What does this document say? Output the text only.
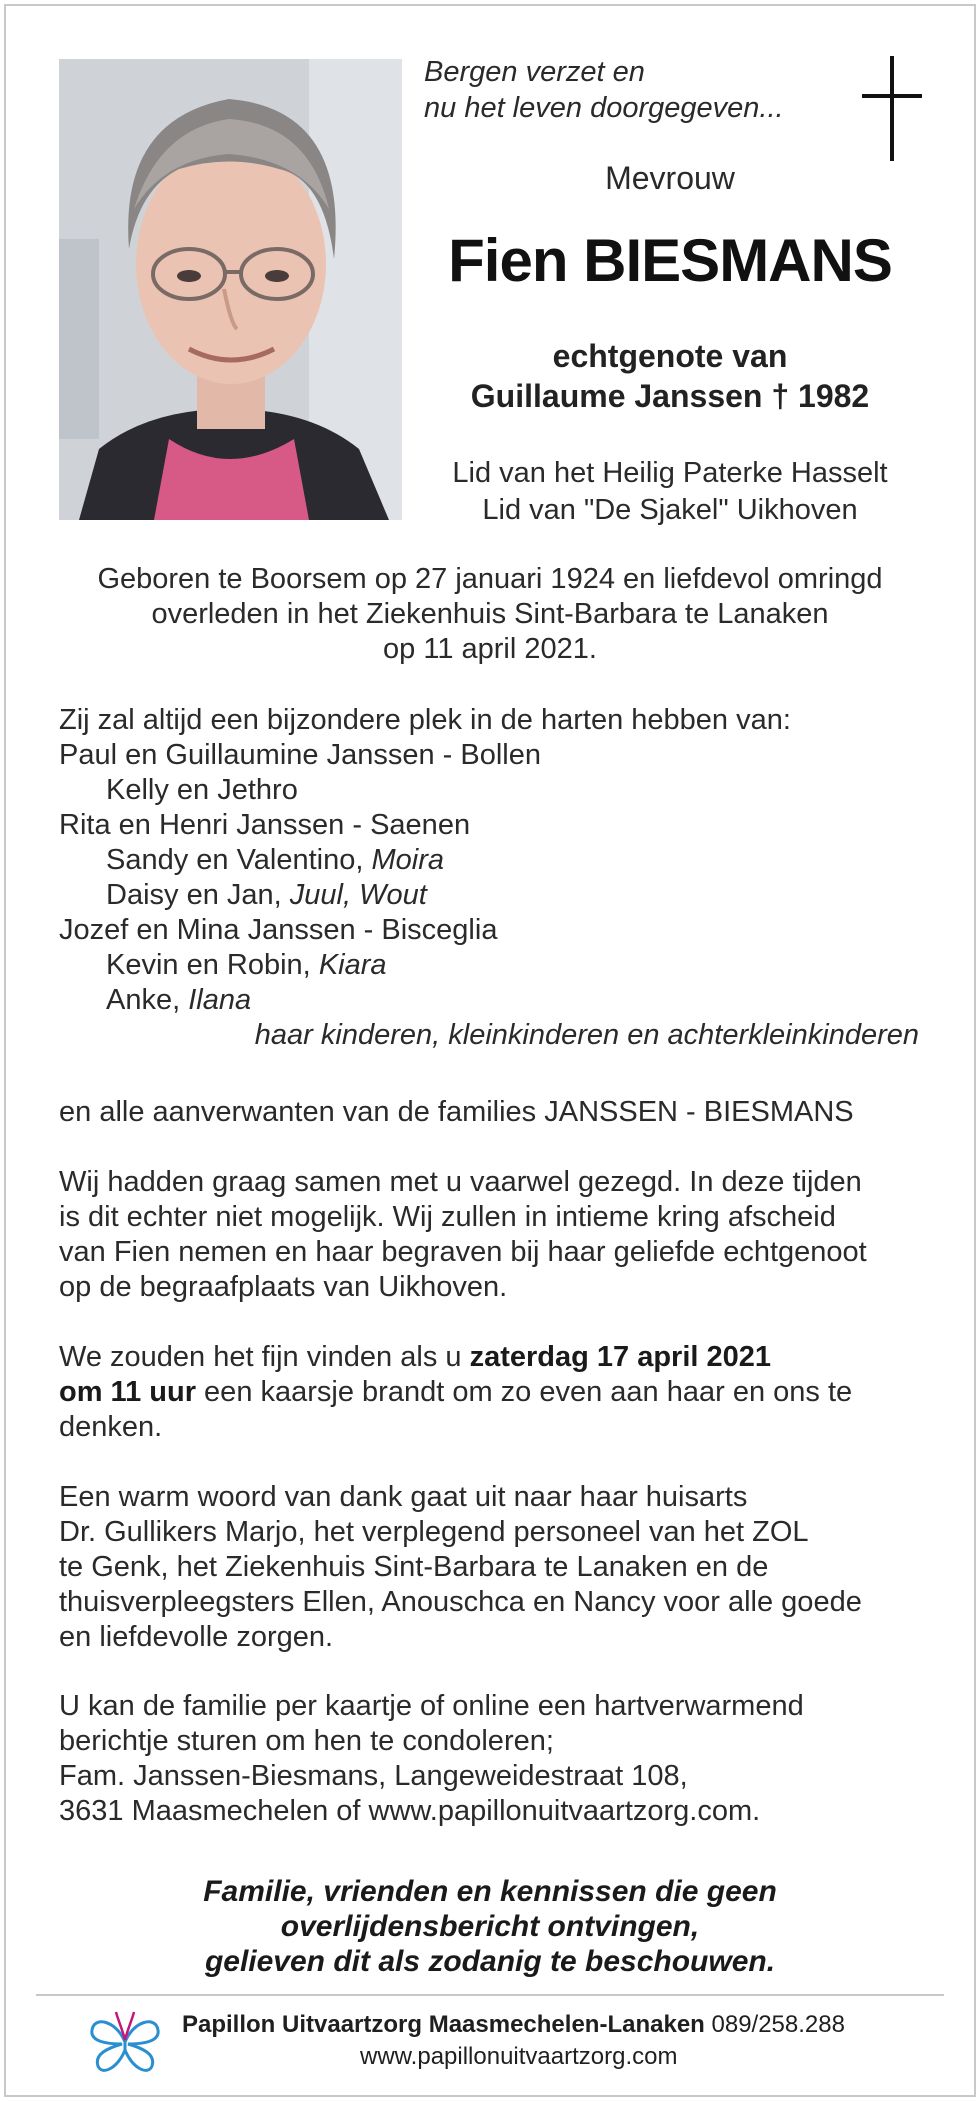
Bergen verzet en
nu het leven doorgegeven...
Mevrouw
Fien BIESMANS
echtgenote van
Guillaume Janssen † 1982
Lid van het Heilig Paterke Hasselt
Lid van "De Sjakel" Uikhoven
Geboren te Boorsem op 27 januari 1924 en liefdevol omringd
overleden in het Ziekenhuis Sint-Barbara te Lanaken
op 11 april 2021.
Zij zal altijd een bijzondere plek in de harten hebben van:
Paul en Guillaumine Janssen - Bollen
Kelly en Jethro
Rita en Henri Janssen - Saenen
Sandy en Valentino, Moira
Daisy en Jan, Juul, Wout
Jozef en Mina Janssen - Bisceglia
Kevin en Robin, Kiara
Anke, Ilana
haar kinderen, kleinkinderen en achterkleinkinderen
en alle aanverwanten van de families JANSSEN - BIESMANS
Wij hadden graag samen met u vaarwel gezegd. In deze tijden
is dit echter niet mogelijk. Wij zullen in intieme kring afscheid
van Fien nemen en haar begraven bij haar geliefde echtgenoot
op de begraafplaats van Uikhoven.
We zouden het fijn vinden als u zaterdag 17 april 2021
om 11 uur een kaarsje brandt om zo even aan haar en ons te
denken.
Een warm woord van dank gaat uit naar haar huisarts
Dr. Gullikers Marjo, het verplegend personeel van het ZOL
te Genk, het Ziekenhuis Sint-Barbara te Lanaken en de
thuisverpleegsters Ellen, Anouschca en Nancy voor alle goede
en liefdevolle zorgen.
U kan de familie per kaartje of online een hartverwarmend
berichtje sturen om hen te condoleren;
Fam. Janssen-Biesmans, Langeweidestraat 108,
3631 Maasmechelen of www.papillonuitvaartzorg.com.
Familie, vrienden en kennissen die geen
overlijdensbericht ontvingen,
gelieven dit als zodanig te beschouwen.
Papillon Uitvaartzorg Maasmechelen-Lanaken 089/258.288
www.papillonuitvaartzorg.com
